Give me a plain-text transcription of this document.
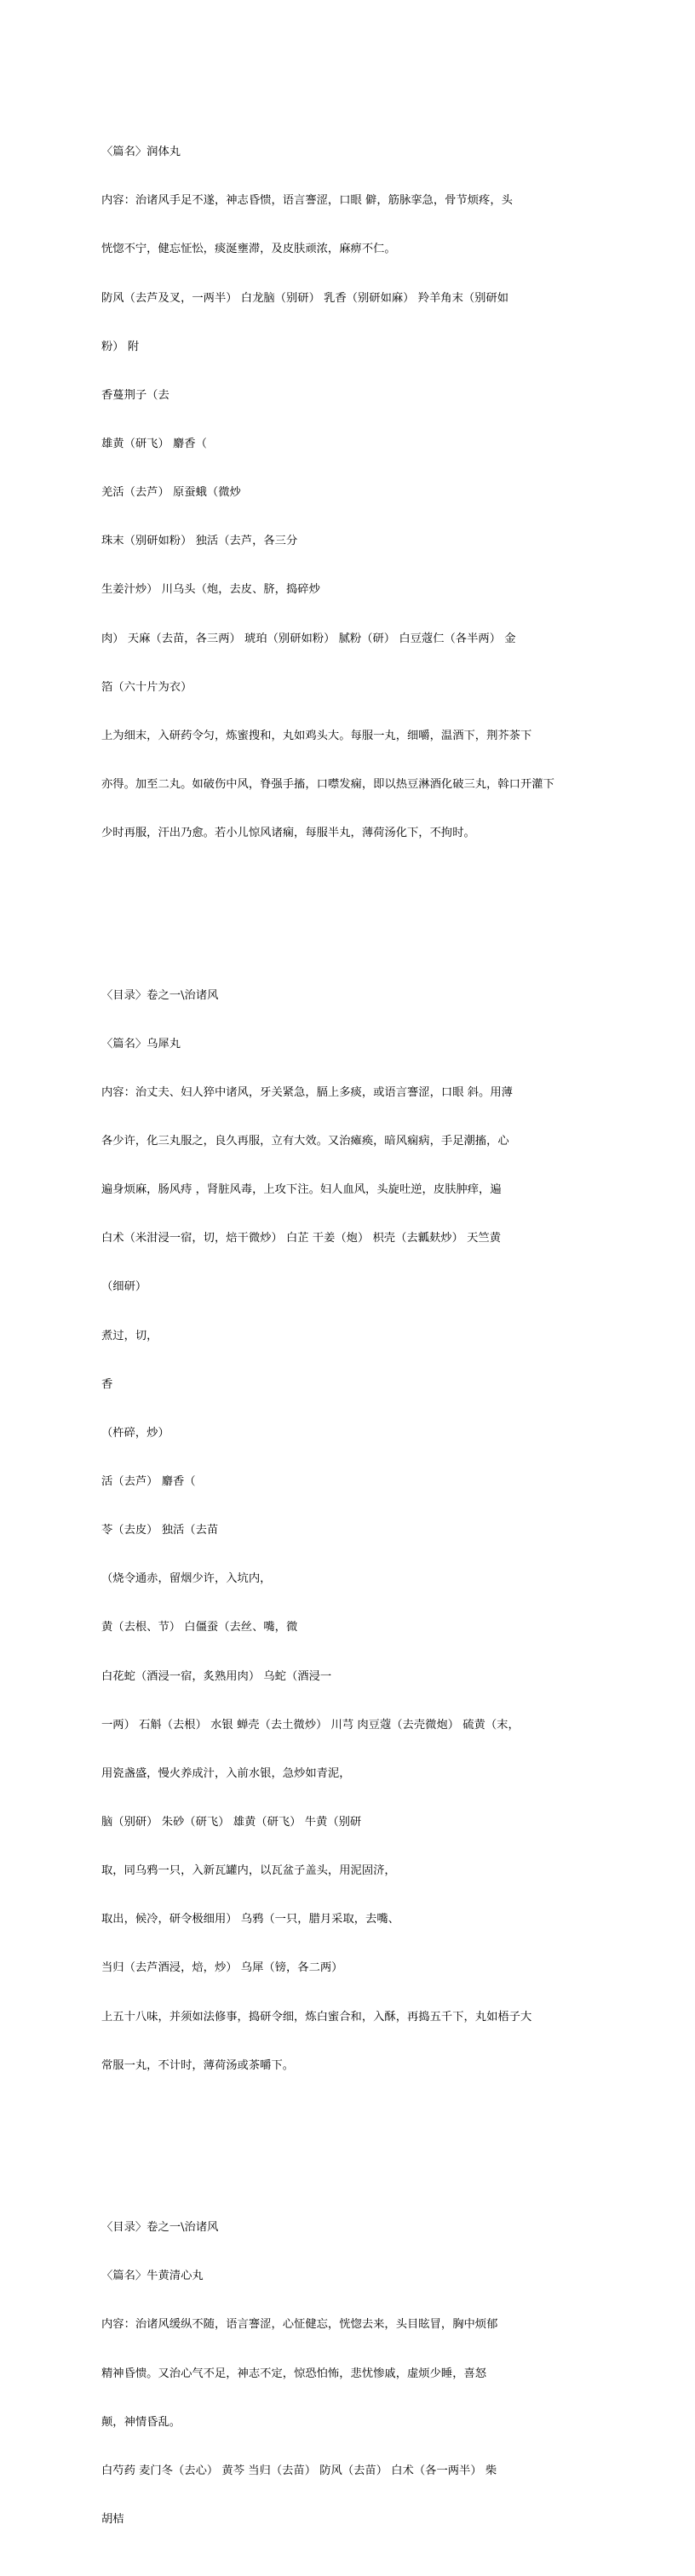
〈篇名〉润体丸

内容：治诸风手足不遂，神志昏愦，语言謇涩，口眼 僻，筋脉挛急，骨节烦疼，头

恍惚不宁，健忘怔忪，痰涎壅滞，及皮肤顽浓，麻痹不仁。

防风（去芦及叉，一两半） 白龙脑（别研） 乳香（别研如麻） 羚羊角末（别研如

粉） 附

香蔓荆子（去

雄黄（研飞） 麝香（

羌活（去芦） 原蚕蛾（微炒

珠末（别研如粉） 独活（去芦，各三分

生姜汁炒） 川乌头（炮，去皮、脐，捣碎炒

肉） 天麻（去苗，各三两） 琥珀（别研如粉） 腻粉（研） 白豆蔻仁（各半两） 金

箔（六十片为衣）

上为细末，入研药令匀，炼蜜搜和，丸如鸡头大。每服一丸，细嚼，温酒下，荆芥茶下

亦得。加至二丸。如破伤中风，脊强手搐，口噤发痫，即以热豆淋酒化破三丸，斡口开灌下

少时再服，汗出乃愈。若小儿惊风诸痫，每服半丸，薄荷汤化下，不拘时。

〈目录〉卷之一\治诸风

〈篇名〉乌犀丸

内容：治丈夫、妇人猝中诸风，牙关紧急，膈上多痰，或语言謇涩，口眼 斜。用薄

各少许，化三丸服之，良久再服，立有大效。又治瘫痪，暗风痫病，手足潮搐，心

遍身烦麻，肠风痔 ，肾脏风毒，上攻下注。妇人血风，头旋吐逆，皮肤肿痒，遍

白术（米泔浸一宿，切，焙干微炒） 白芷 干姜（炮） 枳壳（去瓤麸炒） 天竺黄

（细研）

煮过，切，

香

（杵碎，炒）

活（去芦） 麝香（

苓（去皮） 独活（去苗

（烧令通赤，留烟少许，入坑内，

黄（去根、节） 白僵蚕（去丝、嘴，微

白花蛇（酒浸一宿，炙熟用肉） 乌蛇（酒浸一

一两） 石斛（去根） 水银 蝉壳（去土微炒） 川芎 肉豆蔻（去壳微炮） 硫黄（末，

用瓷盏盛，慢火养成汁，入前水银，急炒如青泥，

脑（别研） 朱砂（研飞） 雄黄（研飞） 牛黄（别研

取，同乌鸦一只，入新瓦罐内，以瓦盆子盖头，用泥固济，

取出，候冷，研令极细用） 乌鸦（一只，腊月采取，去嘴、

当归（去芦酒浸，焙，炒） 乌犀（镑，各二两）

上五十八味，并须如法修事，捣研令细，炼白蜜合和，入酥，再捣五千下，丸如梧子大

常服一丸，不计时，薄荷汤或茶嚼下。

〈目录〉卷之一\治诸风

〈篇名〉牛黄清心丸

内容：治诸风缓纵不随，语言謇涩，心怔健忘，恍惚去来，头目眩冒，胸中烦郁

精神昏愦。又治心气不足，神志不定，惊恐怕怖，悲忧惨戚，虚烦少睡，喜怒

颠，神情昏乱。

白芍药 麦门冬（去心） 黄芩 当归（去苗） 防风（去苗） 白术（各一两半） 柴

胡桔
